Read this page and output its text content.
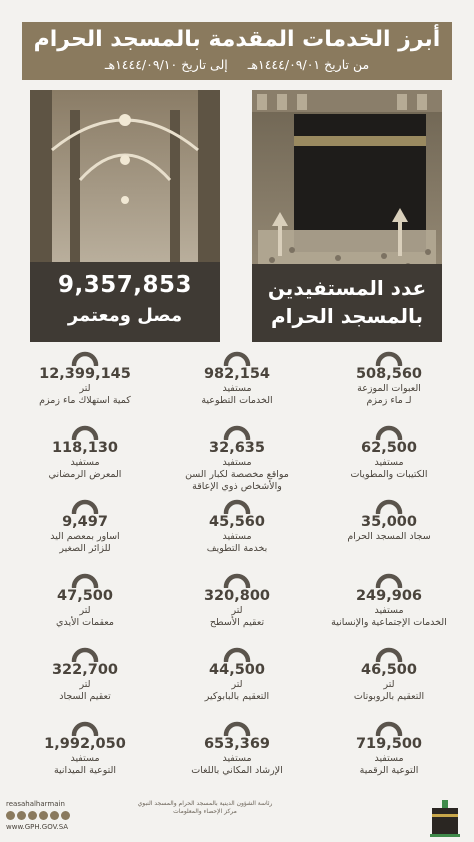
أبرز الخدمات المقدمة بالمسجد الحرام
من تاريخ ١٤٤٤/٠٩/٠١هـ إلى تاريخ ١٤٤٤/٠٩/١٠هـ
عدد المستفيدين
بالمسجد الحرام
9,357,853
مصل ومعتمر
508,560
العبوات الموزعة
لـ ماء زمزم
982,154
مستفيد
الخدمات التطوعية
12,399,145
لتر
كمية استهلاك ماء زمزم
62,500
مستفيد
الكتيبات والمطويات
32,635
مستفيد
مواقع مخصصة لكبار السن
والأشخاص ذوي الإعاقة
118,130
مستفيد
المعرض الرمضاني
35,000
سجاد المسجد الحرام
45,560
مستفيد
بخدمة التطويف
9,497
اساور بمعصم اليد
للزائر الصغير
249,906
مستفيد
الخدمات الإجتماعية والإنسانية
320,800
لتر
تعقيم الأسطح
47,500
لتر
معقمات الأيدي
46,500
لتر
التعقيم بالروبوتات
44,500
لتر
التعقيم بالبابوكير
322,700
لتر
تعقيم السجاد
719,500
مستفيد
التوعية الرقمية
653,369
مستفيد
الإرشاد المكاني باللغات
1,992,050
مستفيد
التوعية الميدانية
reasahalharmain
www.GPH.GOV.SA
رئاسة الشؤون الدينية بالمسجد الحرام والمسجد النبوي
مركز الإحصاء والمعلومات
